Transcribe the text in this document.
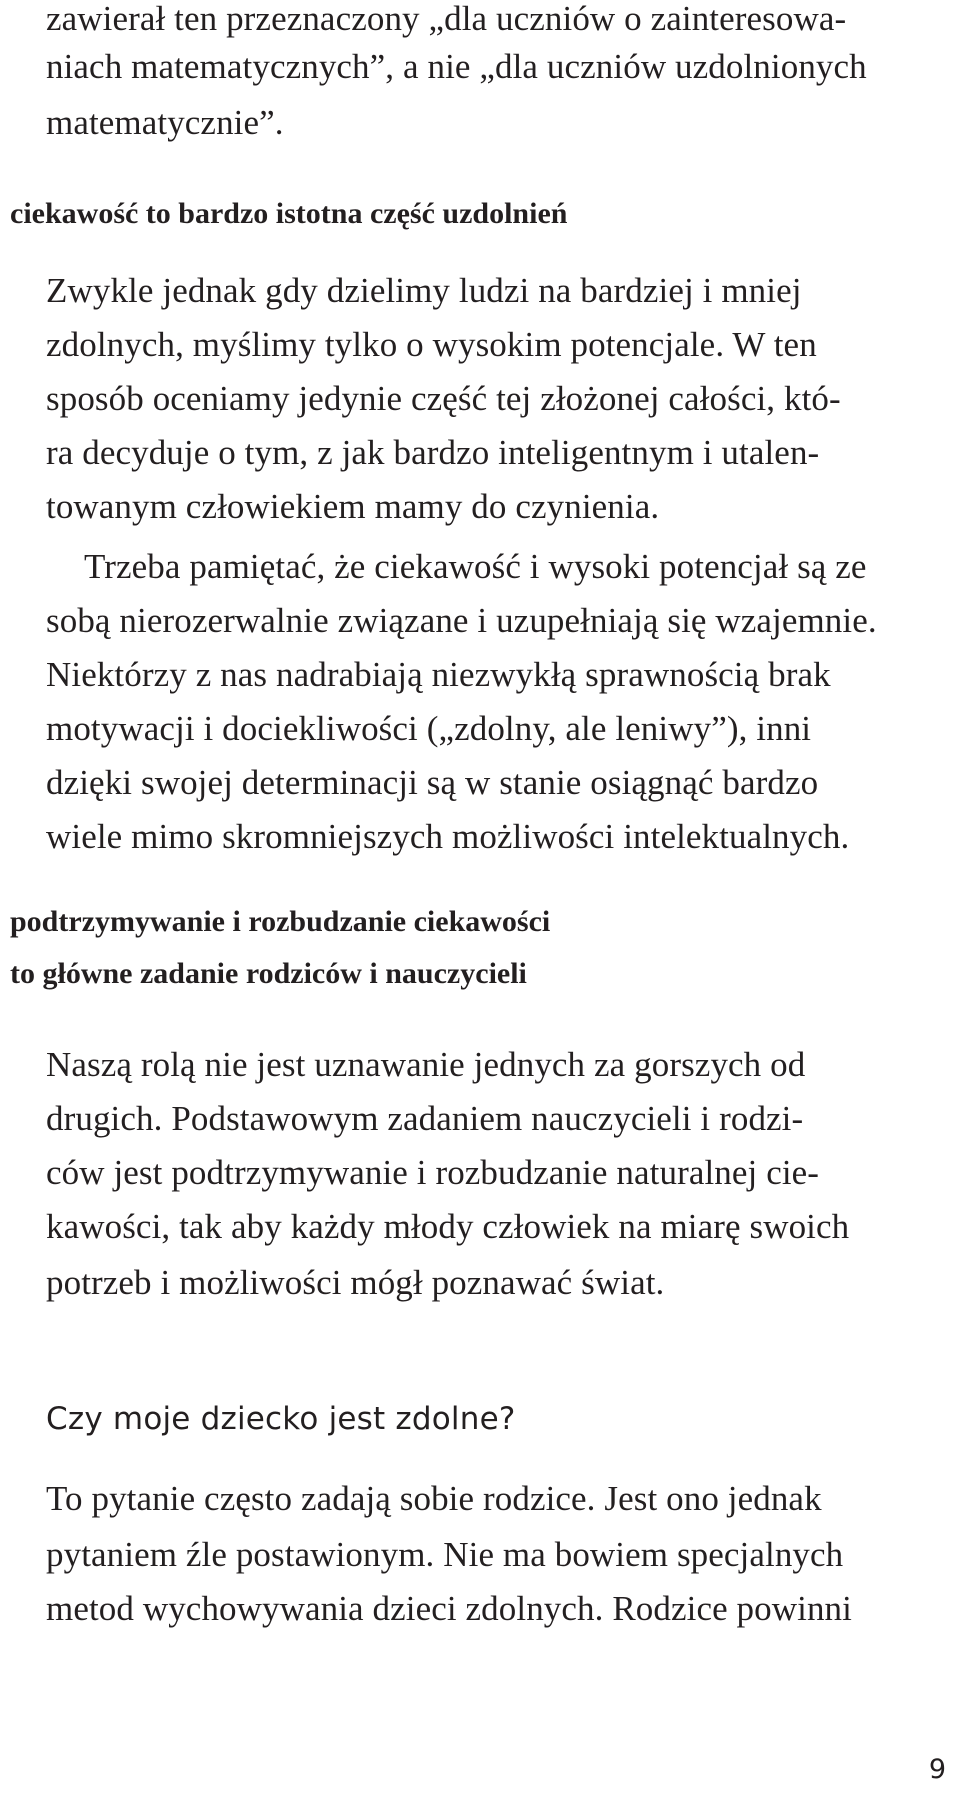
zawierał ten przeznaczony „dla uczniów o zainteresowa-
niach matematycznych”, a nie „dla uczniów uzdolnionych
matematycznie”.
ciekawość to bardzo istotna część uzdolnień
Zwykle jednak gdy dzielimy ludzi na bardziej i mniej
zdolnych, myślimy tylko o wysokim potencjale. W ten
sposób oceniamy jedynie część tej złożonej całości, któ-
ra decyduje o tym, z jak bardzo inteligentnym i utalen-
towanym człowiekiem mamy do czynienia.
Trzeba pamiętać, że ciekawość i wysoki potencjał są ze
sobą nierozerwalnie związane i uzupełniają się wzajemnie.
Niektórzy z nas nadrabiają niezwykłą sprawnością brak
motywacji i dociekliwości („zdolny, ale leniwy”), inni
dzięki swojej determinacji są w stanie osiągnąć bardzo
wiele mimo skromniejszych możliwości intelektualnych.
podtrzymywanie i rozbudzanie ciekawości
to główne zadanie rodziców i nauczycieli
Naszą rolą nie jest uznawanie jednych za gorszych od
drugich. Podstawowym zadaniem nauczycieli i rodzi-
ców jest podtrzymywanie i rozbudzanie naturalnej cie-
kawości, tak aby każdy młody człowiek na miarę swoich
potrzeb i możliwości mógł poznawać świat.
Czy moje dziecko jest zdolne?
To pytanie często zadają sobie rodzice. Jest ono jednak
pytaniem źle postawionym. Nie ma bowiem specjalnych
metod wychowywania dzieci zdolnych. Rodzice powinni
9
